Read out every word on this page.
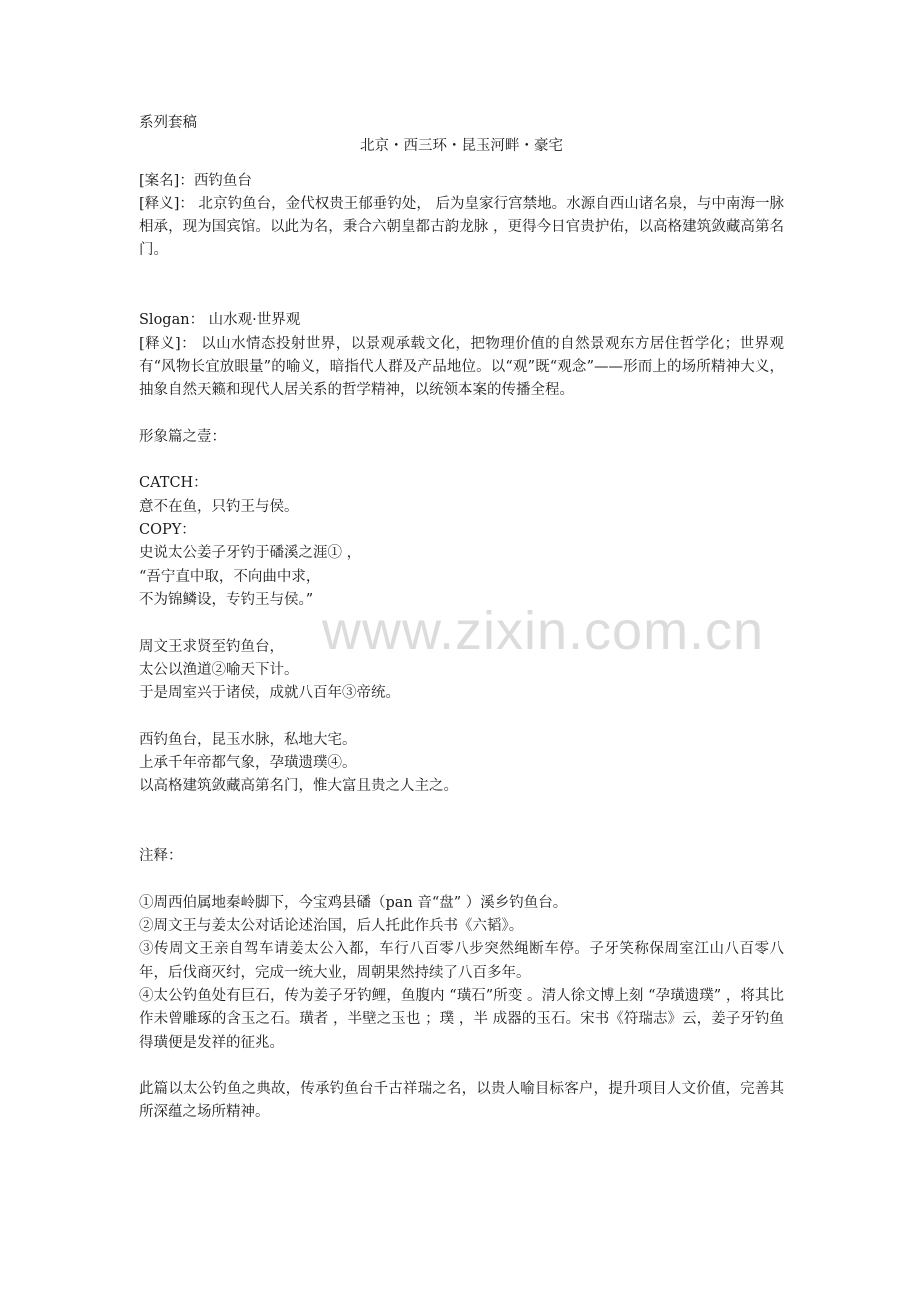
www.zixin.com.cn
系列套稿
北京・西三环・昆玉河畔・豪宅
[案名]：西钓鱼台
[释义]： 北京钓鱼台，金代权贵王郁垂钓处， 后为皇家行宫禁地。水源自西山诸名泉，与中南海一脉相承，现为国宾馆。以此为名，秉合六朝皇都古韵龙脉 ，更得今日官贵护佑，以高格建筑敛藏高第名门。
Slogan： 山水观·世界观
[释义]： 以山水情态投射世界，以景观承载文化，把物理价值的自然景观东方居住哲学化；世界观有“风物长宜放眼量”的喻义，暗指代人群及产品地位。以“观”既“观念”——形而上的场所精神大义，抽象自然天籁和现代人居关系的哲学精神，以统领本案的传播全程。
形象篇之壹：
CATCH：
意不在鱼，只钓王与侯。
COPY：
史说太公姜子牙钓于磻溪之涯① ，
“吾宁直中取，不向曲中求，
不为锦鳞设，专钓王与侯。”
周文王求贤至钓鱼台，
太公以渔道②喻天下计。
于是周室兴于诸侯，成就八百年③帝统。
西钓鱼台，昆玉水脉，私地大宅。
上承千年帝都气象，孕璜遗璞④。
以高格建筑敛藏高第名门，惟大富且贵之人主之。
注释：
①周西伯属地秦岭脚下，今宝鸡县磻（pan 音“盘” ）溪乡钓鱼台。
②周文王与姜太公对话论述治国，后人托此作兵书《六韬》。
③传周文王亲自驾车请姜太公入都，车行八百零八步突然绳断车停。子牙笑称保周室江山八百零八年，后伐商灭纣，完成一统大业，周朝果然持续了八百多年。
④太公钓鱼处有巨石，传为姜子牙钓鲤，鱼腹内 “璜石”所变 。清人徐文博上刻 “孕璜遗璞” ，将其比作未曾雕琢的含玉之石。璜者 ，半壁之玉也 ；璞 ，半 成器的玉石。宋书《符瑞志》云，姜子牙钓鱼得璜便是发祥的征兆。
此篇以太公钓鱼之典故，传承钓鱼台千古祥瑞之名，以贵人喻目标客户，提升项目人文价值，完善其所深蕴之场所精神。
